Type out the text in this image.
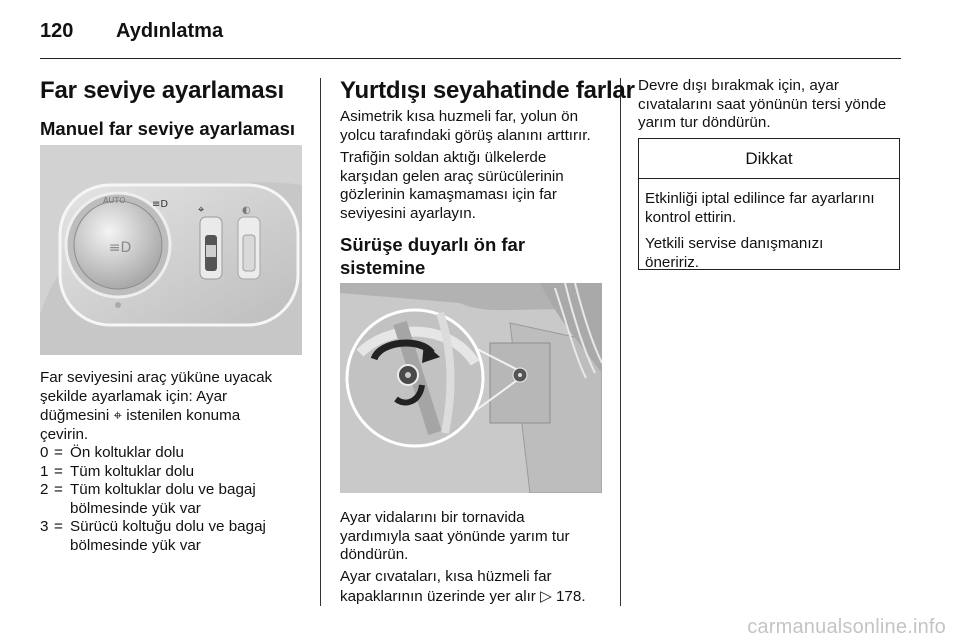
120 Aydınlatma
Far seviye ayarlaması
Manuel far seviye ayarlaması
≡D
AUTO	≡D	⌖	◐
Far seviyesini araç yüküne uyacak
şekilde ayarlamak için: Ayar
düğmesini ⌖ istenilen konuma
çevirin.
0 = Ön koltuklar dolu
1 = Tüm koltuklar dolu
2 = Tüm koltuklar dolu ve bagaj
bölmesinde yük var
3 = Sürücü koltuğu dolu ve bagaj
bölmesinde yük var
Yurtdışı seyahatinde farlar
Asimetrik kısa huzmeli far, yolun ön
yolcu tarafındaki görüş alanını arttırır.
Trafiğin soldan aktığı ülkelerde
karşıdan gelen araç sürücülerinin
gözlerinin kamaşmaması için far
seviyesini ayarlayın.
Sürüşe duyarlı ön far sistemine
Ayar vidalarını bir tornavida
yardımıyla saat yönünde yarım tur
döndürün.
Ayar cıvataları, kısa hüzmeli far
kapaklarının üzerinde yer alır ▷ 178.
Devre dışı bırakmak için, ayar
cıvatalarını saat yönünün tersi yönde
yarım tur döndürün.
Dikkat
Etkinliği iptal edilince far ayarlarını
kontrol ettirin.
Yetkili servise danışmanızı
öneririz.
carmanualsonline.info
